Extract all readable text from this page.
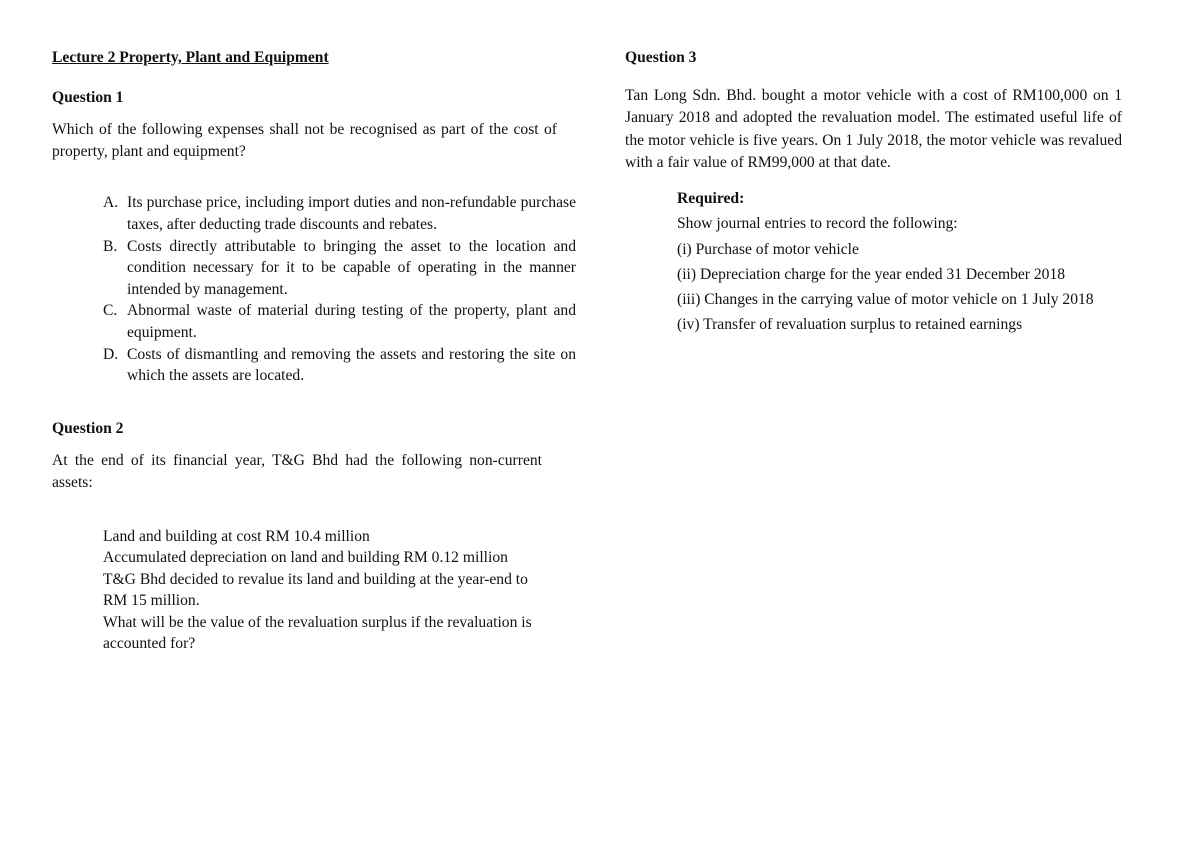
Lecture 2 Property, Plant and Equipment
Question 1
Which of the following expenses shall not be recognised as part of the cost of property, plant and equipment?
A. Its purchase price, including import duties and non-refundable purchase taxes, after deducting trade discounts and rebates.
B. Costs directly attributable to bringing the asset to the location and condition necessary for it to be capable of operating in the manner intended by management.
C. Abnormal waste of material during testing of the property, plant and equipment.
D. Costs of dismantling and removing the assets and restoring the site on which the assets are located.
Question 2
At the end of its financial year, T&G Bhd had the following non-current assets:
Land and building at cost RM 10.4 million
Accumulated depreciation on land and building RM 0.12 million
T&G Bhd decided to revalue its land and building at the year-end to RM 15 million.
What will be the value of the revaluation surplus if the revaluation is accounted for?
Question 3
Tan Long Sdn. Bhd. bought a motor vehicle with a cost of RM100,000 on 1 January 2018 and adopted the revaluation model. The estimated useful life of the motor vehicle is five years. On 1 July 2018, the motor vehicle was revalued with a fair value of RM99,000 at that date.
Required:
Show journal entries to record the following:
(i) Purchase of motor vehicle
(ii) Depreciation charge for the year ended 31 December 2018
(iii) Changes in the carrying value of motor vehicle on 1 July 2018
(iv) Transfer of revaluation surplus to retained earnings
